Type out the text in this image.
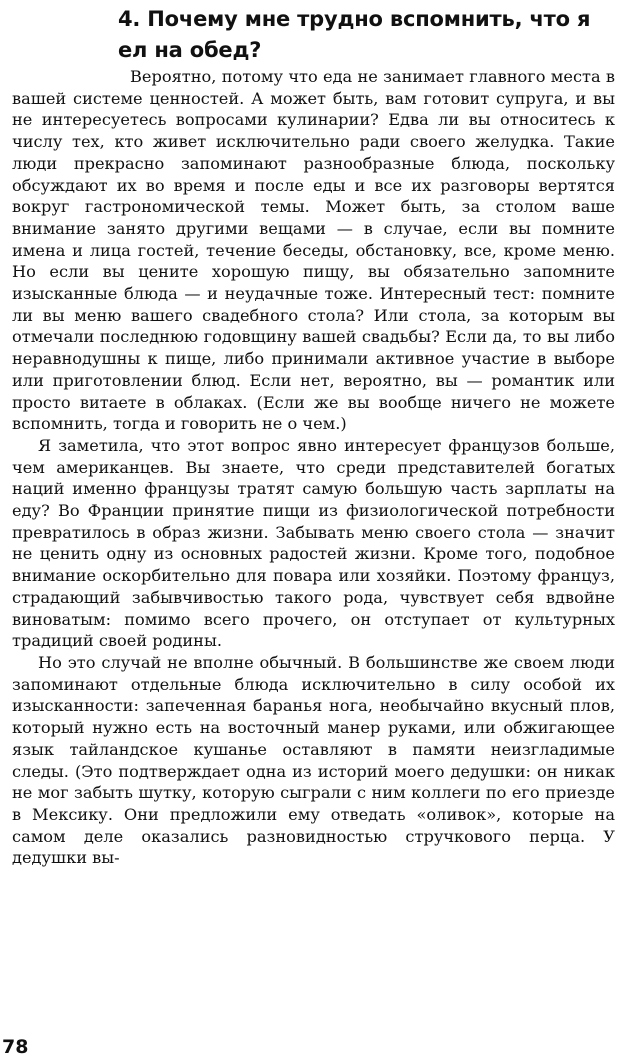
4. Почему мне трудно вспомнить, что я ел на обед?

Вероятно, потому что еда не занимает главного места в вашей системе ценностей. А может быть, вам готовит супруга, и вы не интересуетесь вопросами кулинарии? Едва ли вы относитесь к числу тех, кто живет исключительно ради своего желудка. Такие люди прекрасно запоминают разнообразные блюда, поскольку обсуждают их во время и после еды и все их разговоры вертятся вокруг гастрономической темы. Может быть, за столом ваше внимание занято другими вещами — в случае, если вы помните имена и лица гостей, течение беседы, обстановку, все, кроме меню. Но если вы цените хорошую пищу, вы обязательно запомните изысканные блюда — и неудачные тоже. Интересный тест: помните ли вы меню вашего свадебного стола? Или стола, за которым вы отмечали последнюю годовщину вашей свадьбы? Если да, то вы либо неравнодушны к пище, либо принимали активное участие в выборе или приготовлении блюд. Если нет, вероятно, вы — романтик или просто витаете в облаках. (Если же вы вообще ничего не можете вспомнить, тогда и говорить не о чем.)

Я заметила, что этот вопрос явно интересует французов больше, чем американцев. Вы знаете, что среди представителей богатых наций именно французы тратят самую большую часть зарплаты на еду? Во Франции принятие пищи из физиологической потребности превратилось в образ жизни. Забывать меню своего стола — значит не ценить одну из основных радостей жизни. Кроме того, подобное внимание оскорбительно для повара или хозяйки. Поэтому француз, страдающий забывчивостью такого рода, чувствует себя вдвойне виноватым: помимо всего прочего, он отступает от культурных традиций своей родины.

Но это случай не вполне обычный. В большинстве же своем люди запоминают отдельные блюда исключительно в силу особой их изысканности: запеченная баранья нога, необычайно вкусный плов, который нужно есть на восточный манер руками, или обжигающее язык тайландское кушанье оставляют в памяти неизгладимые следы. (Это подтверждает одна из историй моего дедушки: он никак не мог забыть шутку, которую сыграли с ним коллеги по его приезде в Мексику. Они предложили ему отведать «оливок», которые на самом деле оказались разновидностью стручкового перца. У дедушки вы-

78
